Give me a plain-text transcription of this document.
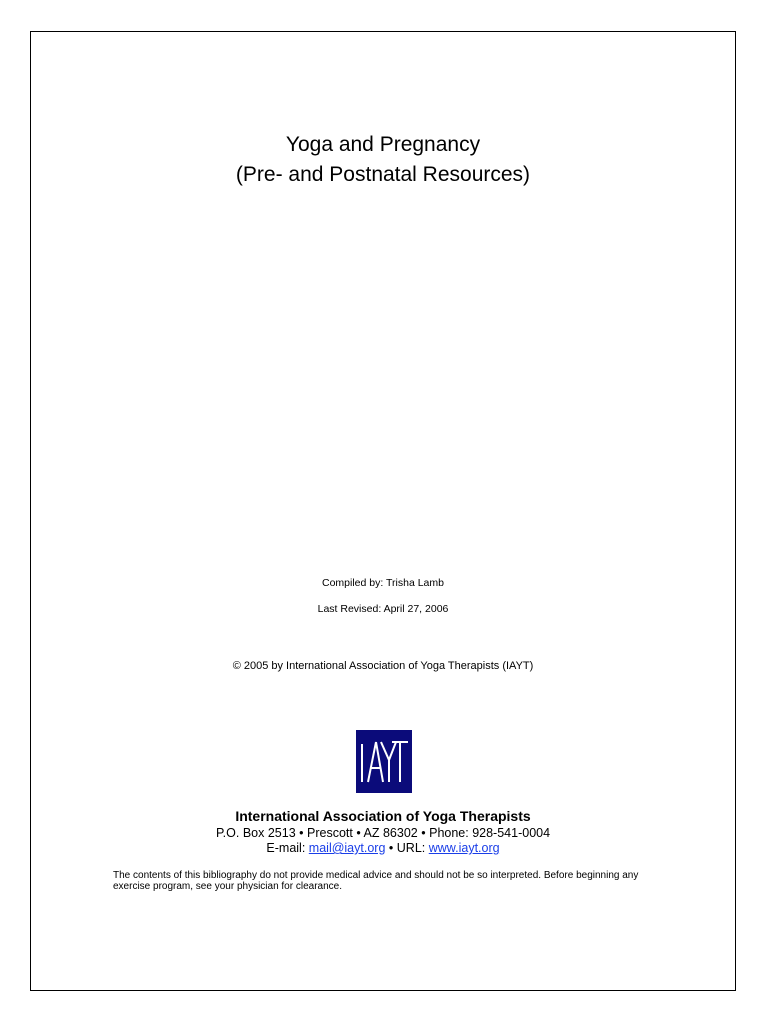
Yoga and Pregnancy
(Pre- and Postnatal Resources)
Compiled by: Trisha Lamb
Last Revised: April 27, 2006
© 2005 by International Association of Yoga Therapists (IAYT)
International Association of Yoga Therapists
P.O. Box 2513 • Prescott • AZ 86302 • Phone: 928-541-0004
E-mail: mail@iayt.org • URL: www.iayt.org
The contents of this bibliography do not provide medical advice and should not be so interpreted. Before beginning any exercise program, see your physician for clearance.
